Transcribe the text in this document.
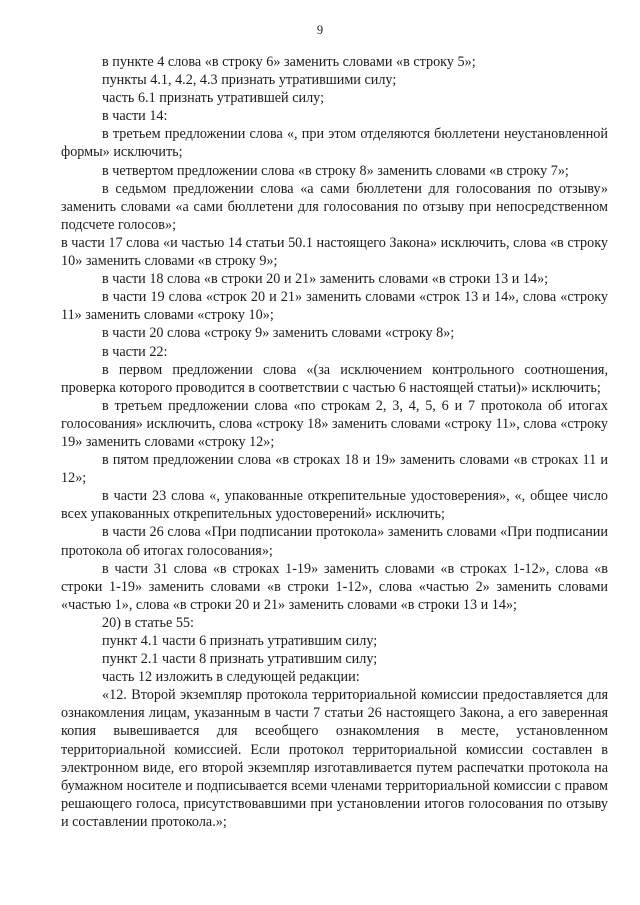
9

в пункте 4 слова «в строку 6» заменить словами «в строку 5»;

пункты 4.1, 4.2, 4.3 признать утратившими силу;

часть 6.1 признать утратившей силу;

в части 14:

в третьем предложении слова «, при этом отделяются бюллетени неустановленной формы» исключить;

в четвертом предложении слова «в строку 8» заменить словами «в строку 7»;

в седьмом предложении слова «а сами бюллетени для голосования по отзыву» заменить словами «а сами бюллетени для голосования по отзыву при непосредственном подсчете голосов»;

в части 17 слова «и частью 14 статьи 50.1 настоящего Закона» исключить, слова «в строку 10» заменить словами «в строку 9»;

в части 18 слова «в строки 20 и 21» заменить словами «в строки 13 и 14»;

в части 19 слова «строк 20 и 21» заменить словами «строк 13 и 14», слова «строку 11» заменить словами «строку 10»;

в части 20 слова «строку 9» заменить словами «строку 8»;

в части 22:

в первом предложении слова «(за исключением контрольного соотношения, проверка которого проводится в соответствии с частью 6 настоящей статьи)» исключить;

в третьем предложении слова «по строкам 2, 3, 4, 5, 6 и 7 протокола об итогах голосования» исключить, слова «строку 18» заменить словами «строку 11», слова «строку 19» заменить словами «строку 12»;

в пятом предложении слова «в строках 18 и 19» заменить словами «в строках 11 и 12»;

в части 23 слова «, упакованные открепительные удостоверения», «, общее число всех упакованных открепительных удостоверений» исключить;

в части 26 слова «При подписании протокола» заменить словами «При подписании протокола об итогах голосования»;

в части 31 слова «в строках 1-19» заменить словами «в строках 1-12», слова «в строки 1-19» заменить словами «в строки 1-12», слова «частью 2» заменить словами «частью 1», слова «в строки 20 и 21» заменить словами «в строки 13 и 14»;

20) в статье 55:

пункт 4.1 части 6 признать утратившим силу;

пункт 2.1 части 8 признать утратившим силу;

часть 12 изложить в следующей редакции:

«12. Второй экземпляр протокола территориальной комиссии предоставляется для ознакомления лицам, указанным в части 7 статьи 26 настоящего Закона, а его заверенная копия вывешивается для всеобщего ознакомления в месте, установленном территориальной комиссией. Если протокол территориальной комиссии составлен в электронном виде, его второй экземпляр изготавливается путем распечатки протокола на бумажном носителе и подписывается всеми членами территориальной комиссии с правом решающего голоса, присутствовавшими при установлении итогов голосования по отзыву и составлении протокола.»;
